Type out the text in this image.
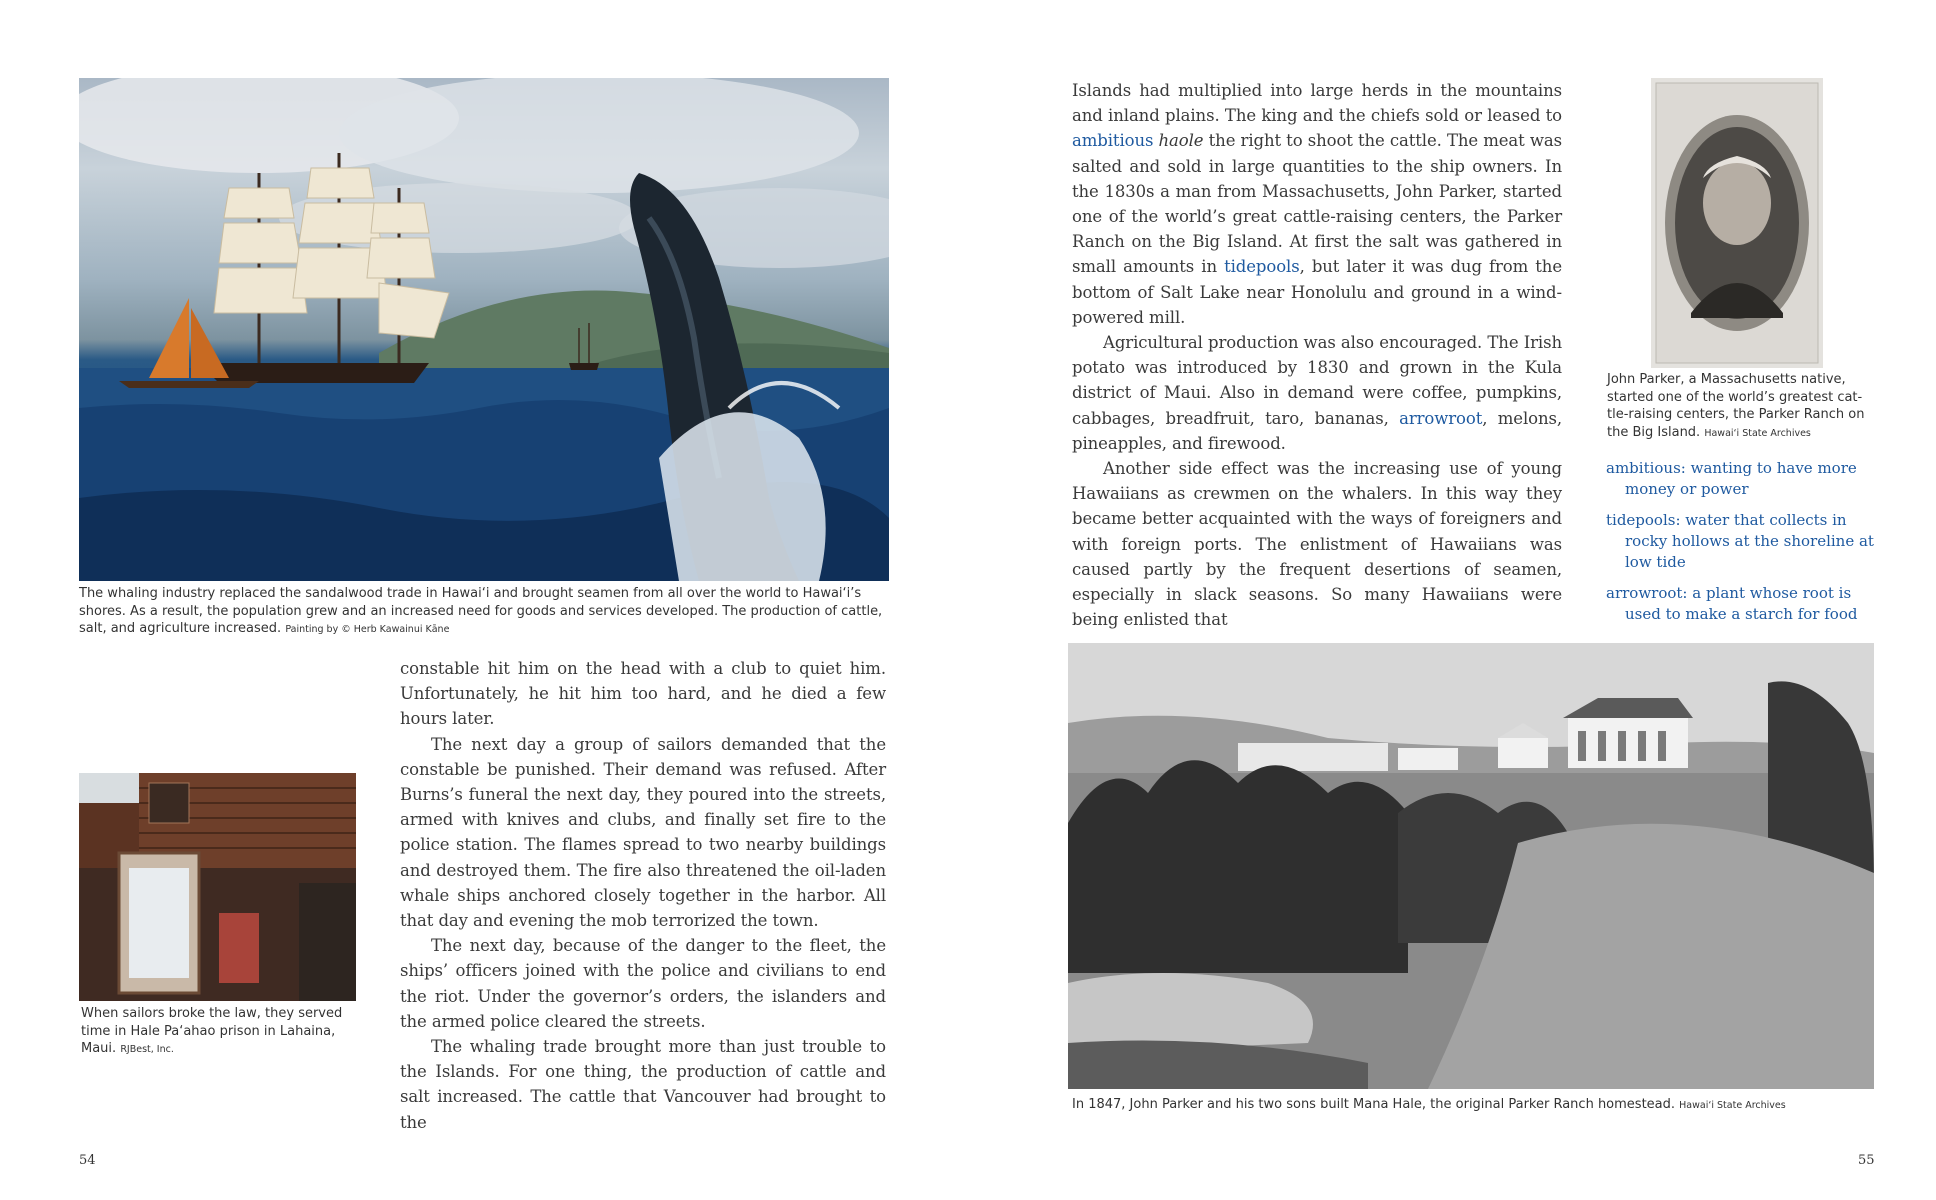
The whaling industry replaced the sandalwood trade in Hawai‘i and brought seamen from all over the world to Hawai‘i’s shores. As a result, the population grew and an increased need for goods and services developed. The production of cattle, salt, and agriculture increased. Painting by © Herb Kawainui Kāne

When sailors broke the law, they served time in Hale Pa‘ahao prison in Lahaina, Maui. RJBest, Inc.

constable hit him on the head with a club to quiet him. Unfortunately, he hit him too hard, and he died a few hours later.

The next day a group of sailors demanded that the constable be punished. Their demand was refused. After Burns’s funeral the next day, they poured into the streets, armed with knives and clubs, and finally set fire to the police station. The flames spread to two nearby buildings and destroyed them. The fire also threatened the oil-laden whale ships anchored closely together in the harbor. All that day and evening the mob terrorized the town.

The next day, because of the danger to the fleet, the ships’ officers joined with the police and civilians to end the riot. Under the governor’s orders, the islanders and the armed police cleared the streets.

The whaling trade brought more than just trouble to the Islands. For one thing, the production of cattle and salt increased. The cattle that Vancouver had brought to the

54

Islands had multiplied into large herds in the mountains and inland plains. The king and the chiefs sold or leased to ambitious haole the right to shoot the cattle. The meat was salted and sold in large quantities to the ship owners. In the 1830s a man from Massachusetts, John Parker, started one of the world’s great cattle-raising centers, the Parker Ranch on the Big Island. At first the salt was gathered in small amounts in tidepools, but later it was dug from the bottom of Salt Lake near Honolulu and ground in a wind-powered mill.

Agricultural production was also encouraged. The Irish potato was introduced by 1830 and grown in the Kula district of Maui. Also in demand were coffee, pumpkins, cabbages, breadfruit, taro, bananas, arrowroot, melons, pineapples, and firewood.

Another side effect was the increasing use of young Hawaiians as crewmen on the whalers. In this way they became better acquainted with the ways of foreigners and with foreign ports. The enlistment of Hawaiians was caused partly by the frequent desertions of seamen, especially in slack seasons. So many Hawaiians were being enlisted that

John Parker, a Massachusetts native, started one of the world’s greatest cat-tle-raising centers, the Parker Ranch on the Big Island. Hawai‘i State Archives

ambitious: wanting to have more money or power
tidepools: water that collects in rocky hollows at the shoreline at low tide
arrowroot: a plant whose root is used to make a starch for food

In 1847, John Parker and his two sons built Mana Hale, the original Parker Ranch homestead. Hawai‘i State Archives

55
